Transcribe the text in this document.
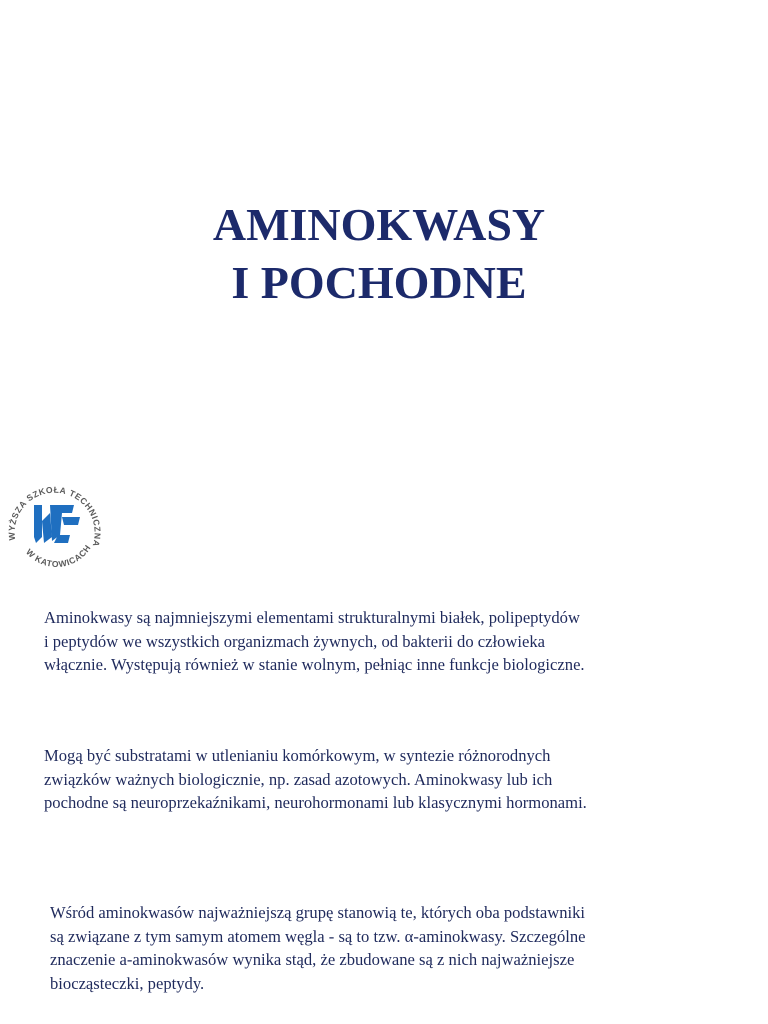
AMINOKWASY
I POCHODNE
WYŻSZA SZKOŁA TECHNICZNA
W KATOWICACH

Aminokwasy są najmniejszymi elementami strukturalnymi białek, polipeptydów
i peptydów we wszystkich organizmach żywnych, od bakterii do człowieka
włącznie. Występują również w stanie wolnym, pełniąc inne funkcje biologiczne.

Mogą być substratami w utlenianiu komórkowym, w syntezie różnorodnych
związków ważnych biologicznie, np. zasad azotowych. Aminokwasy lub ich
pochodne są neuroprzekaźnikami, neurohormonami lub klasycznymi hormonami.

Wśród aminokwasów najważniejszą grupę stanowią te, których oba podstawniki
są związane z tym samym atomem węgla - są to tzw. α-aminokwasy. Szczególne
znaczenie a-aminokwasów wynika stąd, że zbudowane są z nich najważniejsze
biocząsteczki, peptydy.
